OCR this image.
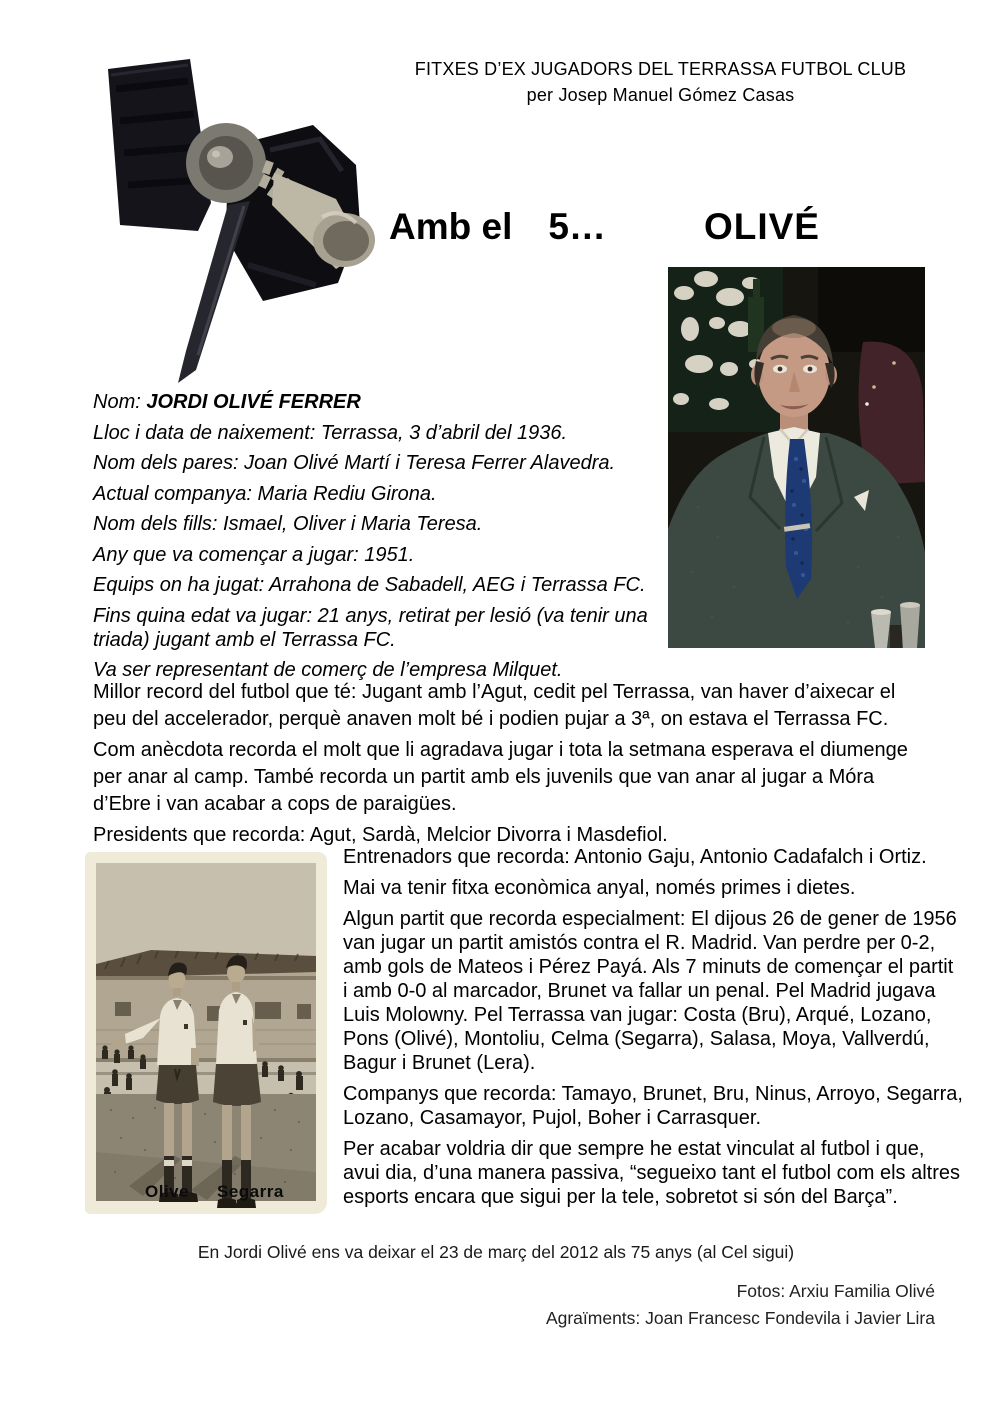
FITXES D’EX JUGADORS DEL TERRASSA FUTBOL CLUB
per Josep Manuel Gómez Casas
Amb el 5…	OLIVÉ

Nom: JORDI OLIVÉ FERRER

Lloc i data de naixement: Terrassa, 3 d’abril del 1936.

Nom dels pares: Joan Olivé Martí i Teresa Ferrer Alavedra.

Actual companya: Maria Rediu Girona.

Nom dels fills: Ismael, Oliver i Maria Teresa.

Any que va començar a jugar: 1951.

Equips on ha jugat: Arrahona de Sabadell, AEG i Terrassa FC.

Fins quina edat va jugar: 21 anys, retirat per lesió (va tenir una triada) jugant amb el Terrassa FC.

Va ser representant de comerç de l’empresa Milquet.

Millor record del futbol que té: Jugant amb l’Agut, cedit pel Terrassa, van haver d’aixecar el peu del accelerador, perquè anaven molt bé i podien pujar a 3ª, on estava el Terrassa FC.

Com anècdota recorda el molt que li agradava jugar i tota la setmana esperava el diumenge per anar al camp. També recorda un partit amb els juvenils que van anar al jugar a Móra d’Ebre i van acabar a cops de paraigües.

Presidents que recorda: Agut, Sardà, Melcior Divorra i Masdefiol.

Olive Segarra

Entrenadors que recorda: Antonio Gaju, Antonio Cadafalch i Ortiz.

Mai va tenir fitxa econòmica anyal, només primes i dietes.

Algun partit que recorda especialment: El dijous 26 de gener de 1956 van jugar un partit amistós contra el R. Madrid. Van perdre per 0-2, amb gols de Mateos i Pérez Payá. Als 7 minuts de començar el partit i amb 0-0 al marcador, Brunet va fallar un penal. Pel Madrid jugava Luis Molowny. Pel Terrassa van jugar: Costa (Bru), Arqué, Lozano, Pons (Olivé), Montoliu, Celma (Segarra), Salasa, Moya, Vallverdú, Bagur i Brunet (Lera).

Companys que recorda: Tamayo, Brunet, Bru, Ninus, Arroyo, Segarra, Lozano, Casamayor, Pujol, Boher i Carrasquer.

Per acabar voldria dir que sempre he estat vinculat al futbol i que, avui dia, d’una manera passiva, “segueixo tant el futbol com els altres esports encara que sigui per la tele, sobretot si són del Barça”.

En Jordi Olivé ens va deixar el 23 de març del 2012 als 75 anys (al Cel sigui)
Fotos: Arxiu Familia Olivé
Agraïments: Joan Francesc Fondevila i Javier Lira
